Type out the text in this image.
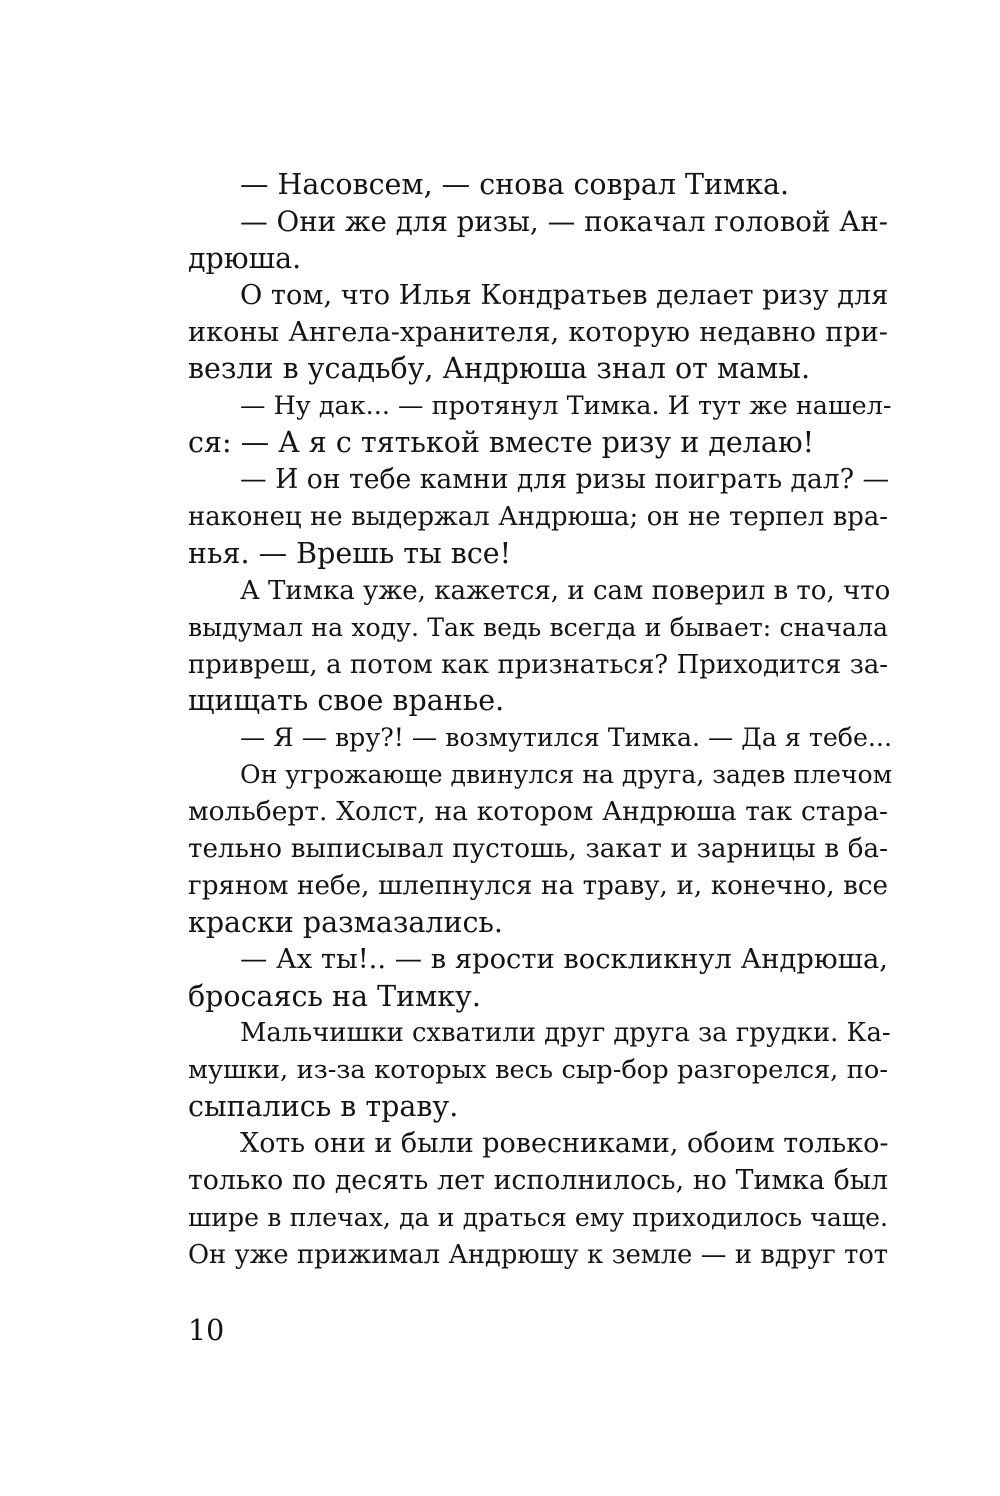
— Насовсем, — снова соврал Тимка.
— Они же для ризы, — покачал головой Ан-
дрюша.
О том, что Илья Кондратьев делает ризу для
иконы Ангела-хранителя, которую недавно при-
везли в усадьбу, Андрюша знал от мамы.
— Ну дак... — протянул Тимка. И тут же нашел-
ся: — А я с тятькой вместе ризу и делаю!
— И он тебе камни для ризы поиграть дал? —
наконец не выдержал Андрюша; он не терпел вра-
нья. — Врешь ты все!
А Тимка уже, кажется, и сам поверил в то, что
выдумал на ходу. Так ведь всегда и бывает: сначала
привреш, а потом как признаться? Приходится за-
щищать свое вранье.
— Я — вру?! — возмутился Тимка. — Да я тебе...
Он угрожающе двинулся на друга, задев плечом
мольберт. Холст, на котором Андрюша так стара-
тельно выписывал пустошь, закат и зарницы в ба-
гряном небе, шлепнулся на траву, и, конечно, все
краски размазались.
— Ах ты!.. — в ярости воскликнул Андрюша,
бросаясь на Тимку.
Мальчишки схватили друг друга за грудки. Ка-
мушки, из-за которых весь сыр-бор разгорелся, по-
сыпались в траву.
Хоть они и были ровесниками, обоим только-
только по десять лет исполнилось, но Тимка был
шире в плечах, да и драться ему приходилось чаще.
Он уже прижимал Андрюшу к земле — и вдруг тот
10
